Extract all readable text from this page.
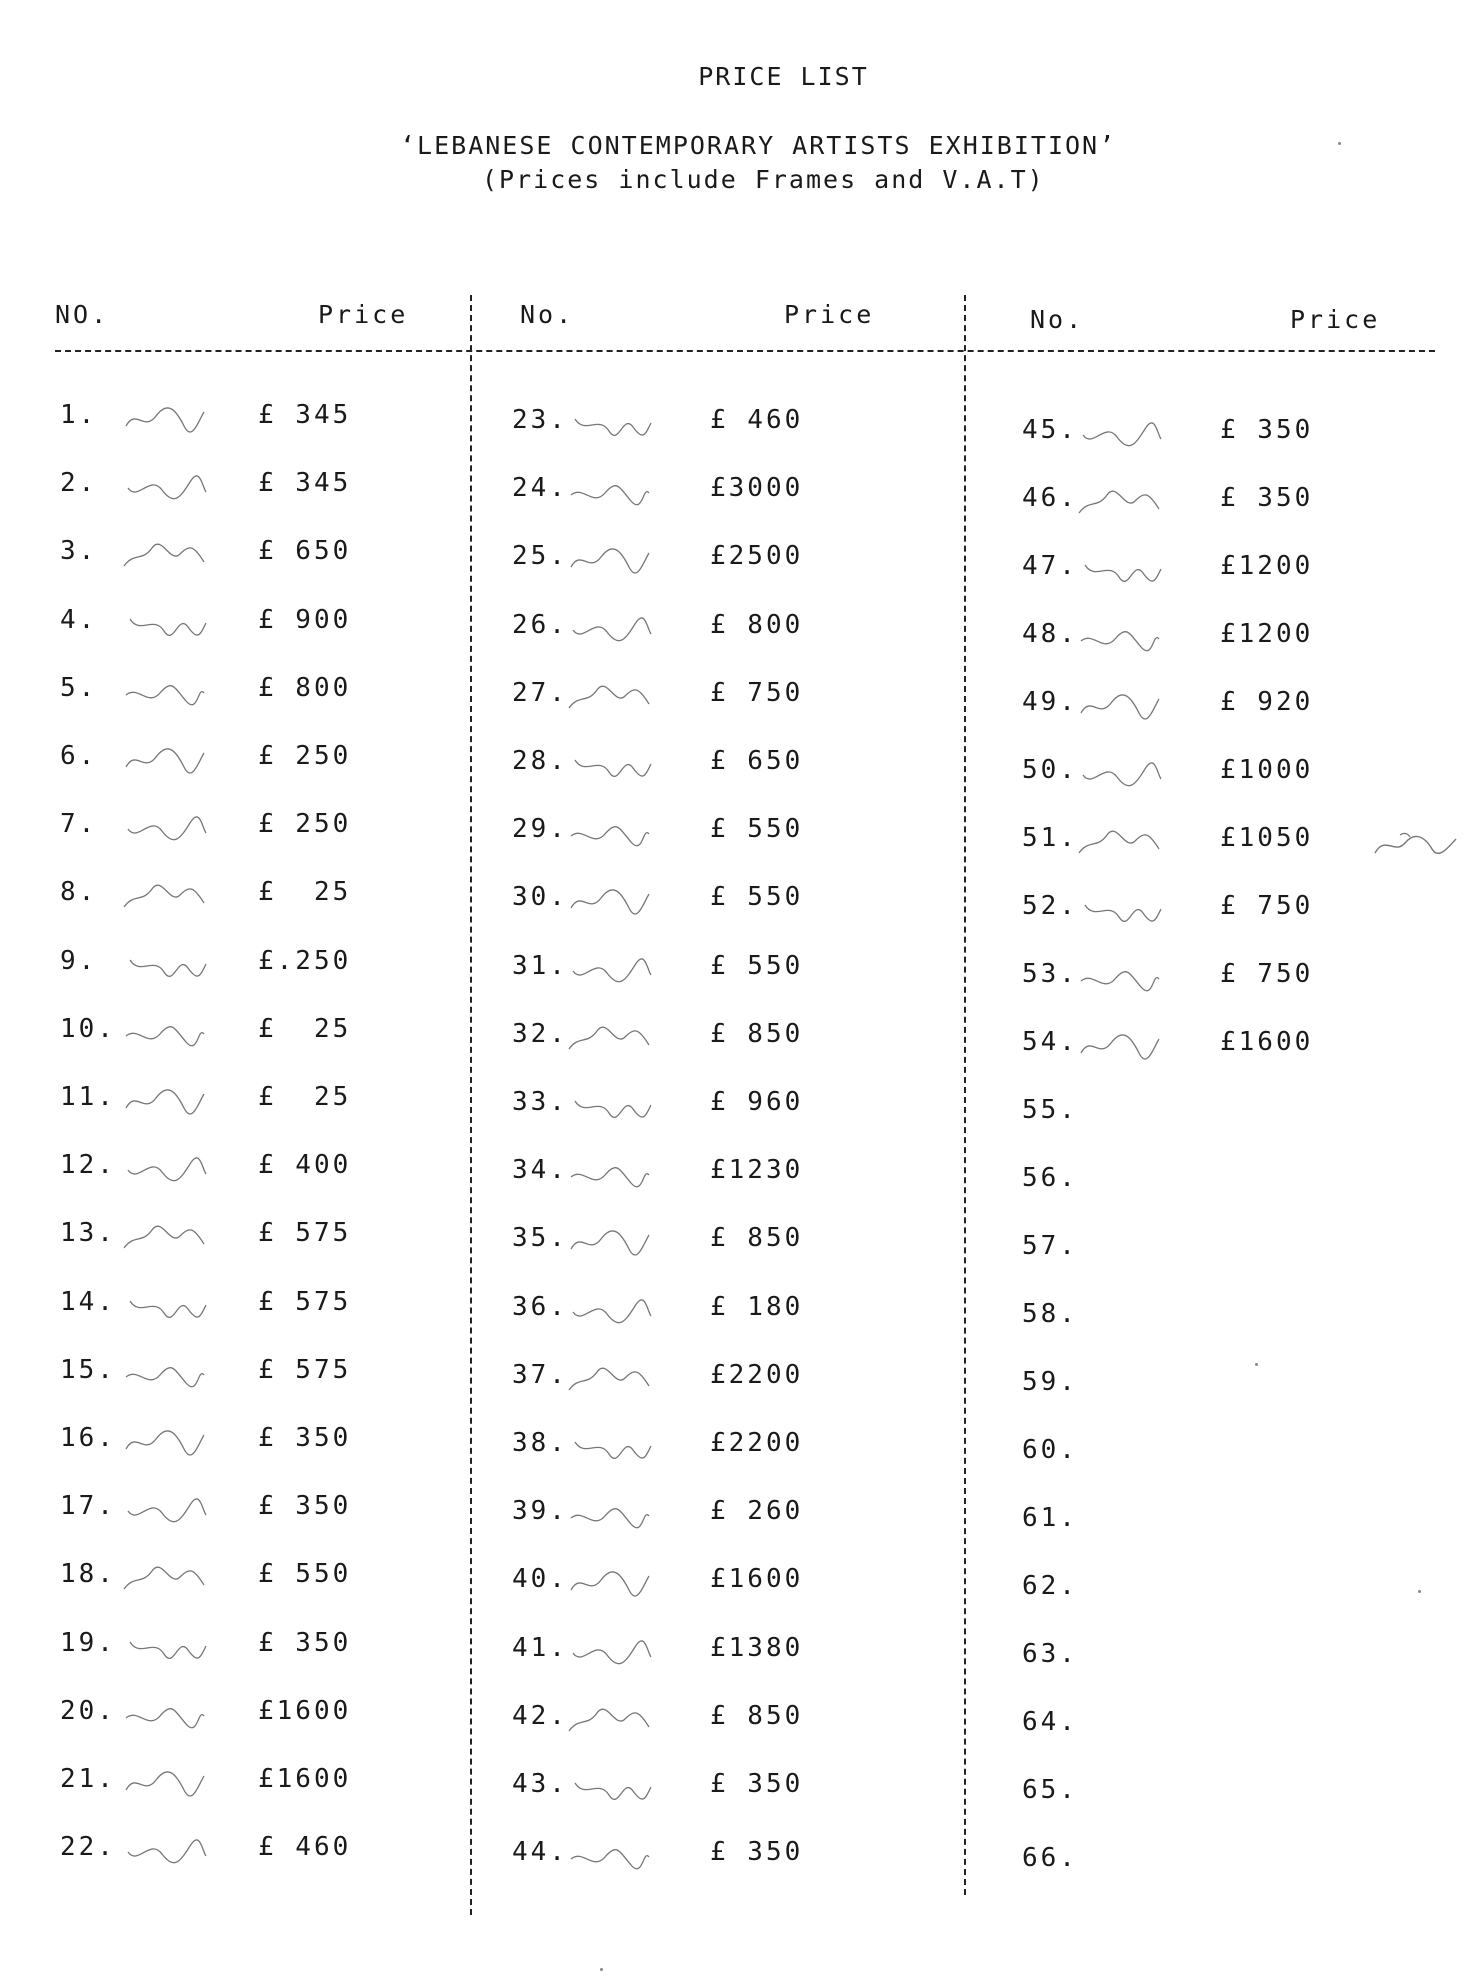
PRICE LIST
‘LEBANESE CONTEMPORARY ARTISTS EXHIBITION’
(Prices include Frames and V.A.T)
NO.	Price	No.	Price	No.	Price
1.	£ 345
2.	£ 345
3.	£ 650
4.	£ 900
5.	£ 800
6.	£ 250
7.	£ 250
8.	£  25
9.	£.250
10.	£  25
11.	£  25
12.	£ 400
13.	£ 575
14.	£ 575
15.	£ 575
16.	£ 350
17.	£ 350
18.	£ 550
19.	£ 350
20.	£1600
21.	£1600
22.	£ 460
23.	£ 460
24.	£3000
25.	£2500
26.	£ 800
27.	£ 750
28.	£ 650
29.	£ 550
30.	£ 550
31.	£ 550
32.	£ 850
33.	£ 960
34.	£1230
35.	£ 850
36.	£ 180
37.	£2200
38.	£2200
39.	£ 260
40.	£1600
41.	£1380
42.	£ 850
43.	£ 350
44.	£ 350
45.	£ 350
46.	£ 350
47.	£1200
48.	£1200
49.	£ 920
50.	£1000
51.	£1050
52.	£ 750
53.	£ 750
54.	£1600
55.
56.
57.
58.
59.
60.
61.
62.
63.
64.
65.
66.
